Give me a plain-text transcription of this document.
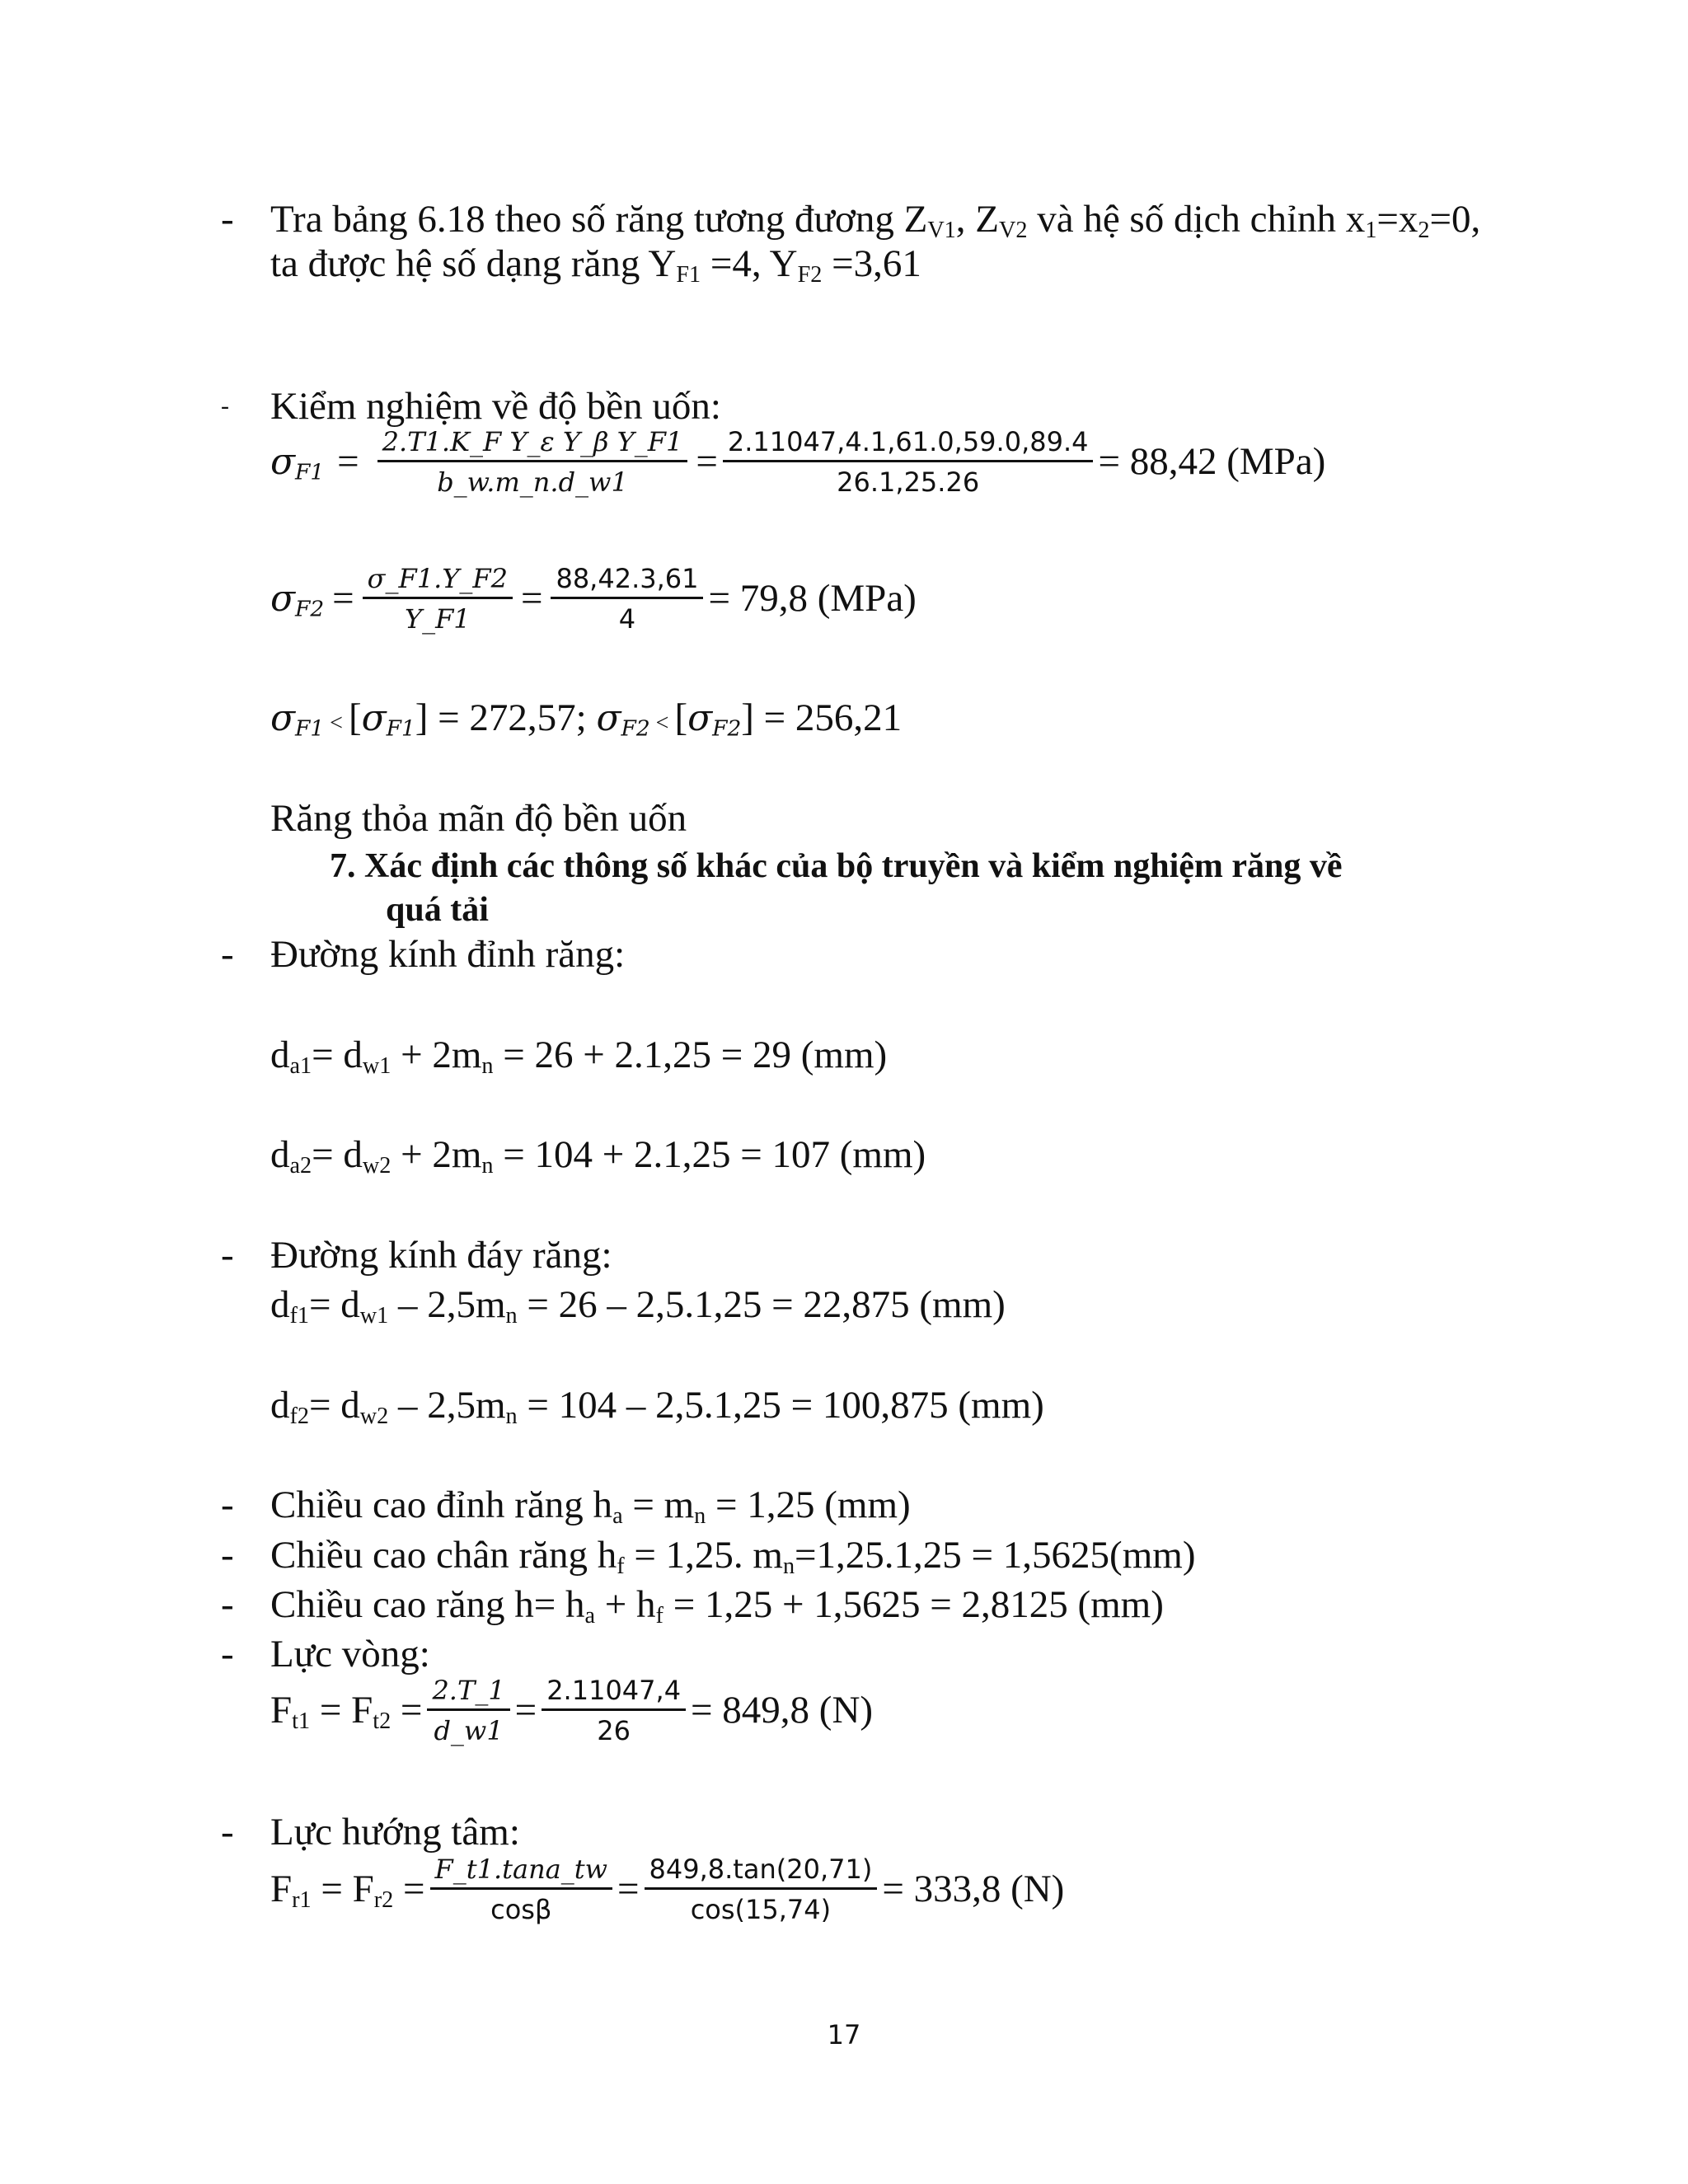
- Tra bảng 6.18 theo số răng tương đương $Z_{V1}$, $Z_{V2}$ và hệ số dịch chỉnh $x_1=x_2=0$,
ta được hệ số dạng răng $Y_{F1} =4$, $Y_{F2} =3,61$
- Kiểm nghiệm về độ bền uốn:
$\sigma_{F1} = \frac{\text{2.T1.K\_F Y\_ε Y\_β Y\_F1}}{b\_w.m\_n.d\_w1} = \frac{2.11047,4.1,61.0,59.0,89.4}{26.1,25.26} = 88,42$ (MPa)
$\sigma_{F2} = \frac{\sigma\_F1.Y\_F2}{Y\_F1} = \frac{88,42.3,61}{4} = 79,8$ (MPa)
$\sigma_{F1} < [\sigma_{F1}] = 272,57$; $\sigma_{F2} < [\sigma_{F2}] = 256,21$
Răng thỏa mãn độ bền uốn
7. Xác định các thông số khác của bộ truyền và kiểm nghiệm răng về
quá tải
- Đường kính đỉnh răng:
$d_{a1}= d_{w1} + 2m_n = 26 + 2.1,25 = 29$ (mm)
$d_{a2}= d_{w2} + 2m_n = 104 + 2.1,25 = 107$ (mm)
- Đường kính đáy răng:
$d_{f1}= d_{w1} - 2,5m_n = 26 - 2,5.1,25 = 22,875$ (mm)
$d_{f2}= d_{w2} - 2,5m_n = 104 - 2,5.1,25 = 100,875$ (mm)
- Chiều cao đỉnh răng $h_a = m_n = 1,25$ (mm)
- Chiều cao chân răng $h_f = 1,25$. $m_n=1,25.1,25 = 1,5625(mm)$
- Chiều cao răng $h= h_a + h_f = 1,25 + 1,5625 = 2,8125$ (mm)
- Lực vòng:
$F_{t1} = F_{t2} = \frac{2.T\_1}{d\_w1} = \frac{2.11047,4}{26} = 849,8$ (N)
- Lực hướng tâm:
$F_{r1} = F_{r2} = \frac{F\_t1.\tan a\_tw}{\cos\beta} = \frac{849,8.\tan(20,71)}{\cos(15,74)} = 333,8$ (N)
17
